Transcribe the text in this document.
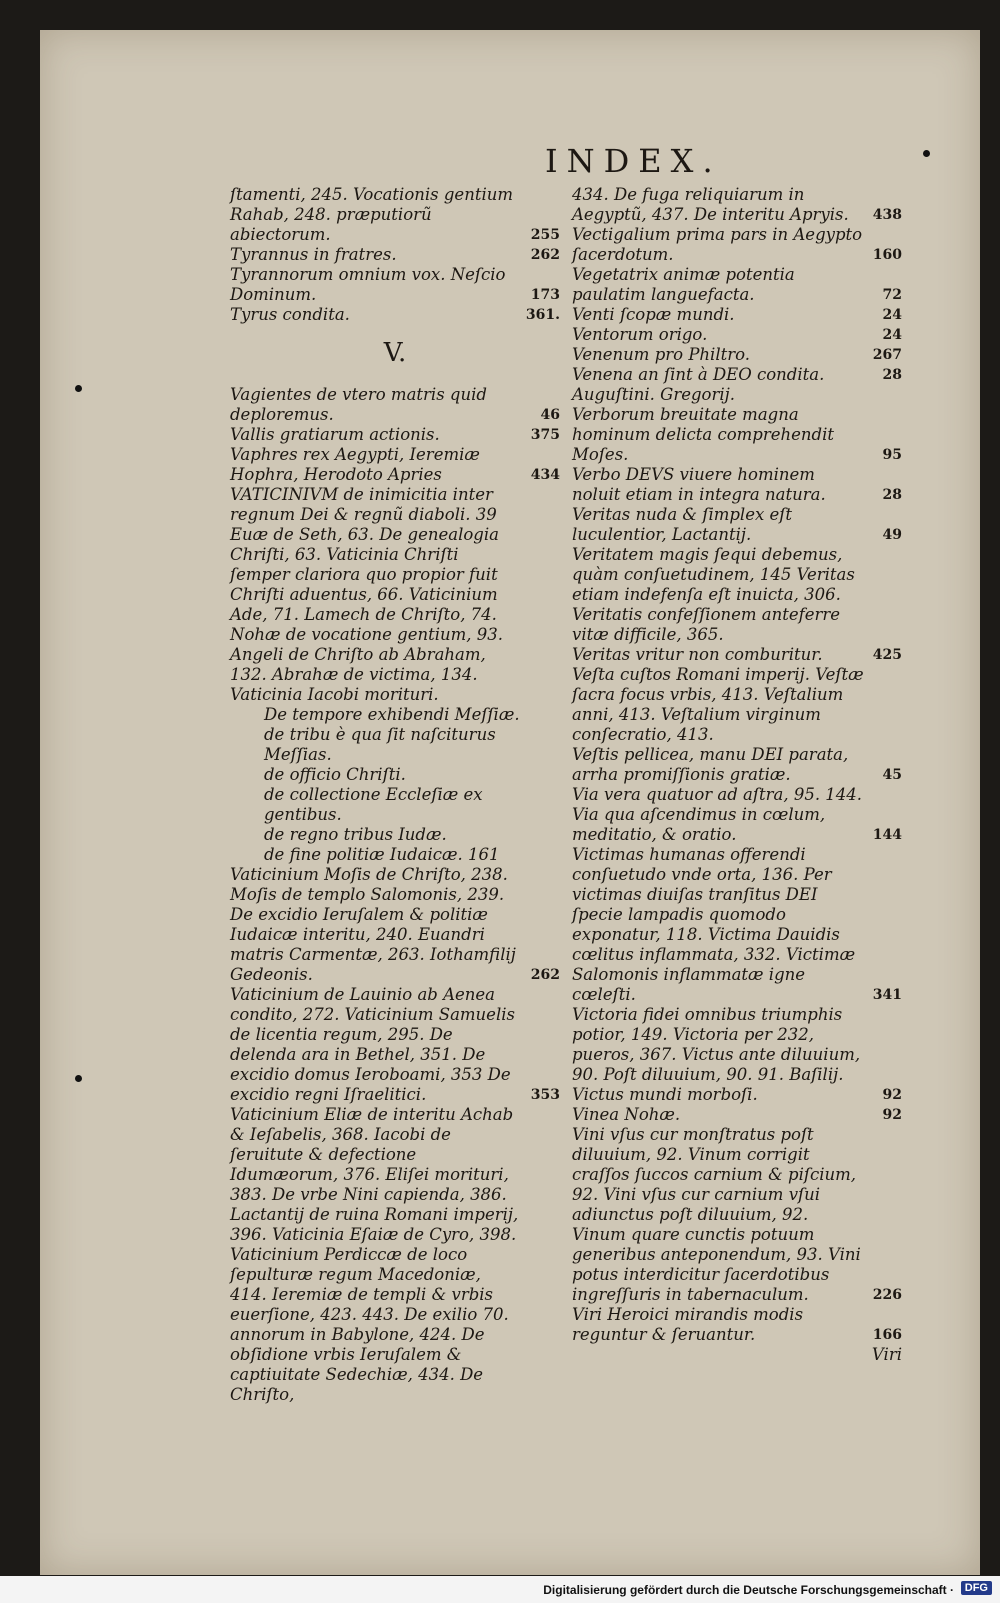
INDEX.
ſtamenti, 245. Vocationis gentium Rahab, 248. præputiorũ abiectorum.	255
Tyrannus in fratres.	262
Tyrannorum omnium vox. Neſcio Dominum.	173
Tyrus condita.	361.
V.
Vagientes de vtero matris quid deploremus.	46
Vallis gratiarum actionis.	375
Vaphres rex Aegypti, Ieremiæ Hophra, Herodoto Apries	434
VATICINIVM de inimicitia inter regnum Dei & regnũ diaboli. 39 Euæ de Seth, 63. De genealogia Chriſti, 63. Vaticinia Chriſti ſemper clariora quo propior fuit Chriſti aduentus, 66. Vaticinium Ade, 71. Lamech de Chriſto, 74. Nohæ de vocatione gentium, 93. Angeli de Chriſto ab Abraham, 132. Abrahæ de victima, 134. Vaticinia Iacobi morituri.
De tempore exhibendi Meſſiæ.
de tribu è qua ſit naſciturus Meſſias.
de officio Chriſti.
de collectione Eccleſiæ ex gentibus.
de regno tribus Iudæ.
de fine politiæ Iudaicæ. 161
Vaticinium Moſis de Chriſto, 238. Moſis de templo Salomonis, 239. De excidio Ieruſalem & politiæ Iudaicæ interitu, 240. Euandri matris Carmentæ, 263. Iothamfilij Gedeonis.	262
Vaticinium de Lauinio ab Aenea condito, 272. Vaticinium Samuelis de licentia regum, 295. De delenda ara in Bethel, 351. De excidio domus Ieroboami, 353 De excidio regni Iſraelitici.	353
Vaticinium Eliæ de interitu Achab & Ieſabelis, 368. Iacobi de ſeruitute & defectione Idumæorum, 376. Eliſei morituri, 383. De vrbe Nini capienda, 386. Lactantij de ruina Romani imperij, 396. Vaticinia Eſaiæ de Cyro, 398. Vaticinium Perdiccæ de loco ſepulturæ regum Macedoniæ, 414. Ieremiæ de templi & vrbis euerſione, 423. 443. De exilio 70. annorum in Babylone, 424. De obſidione vrbis Ieruſalem & captiuitate Sedechiæ, 434. De Chriſto,
434. De fuga reliquiarum in Aegyptũ, 437. De interitu Apryis. 438
Vectigalium prima pars in Aegypto ſacerdotum.	160
Vegetatrix animæ potentia paulatim languefacta.	72
Venti ſcopæ mundi.	24
Ventorum origo.	24
Venenum pro Philtro.	267
Venena an ſint à DEO condita.	28
Auguſtini. Gregorij.
Verborum breuitate magna hominum delicta comprehendit Moſes.	95
Verbo DEVS viuere hominem noluit etiam in integra natura.	28
Veritas nuda & ſimplex eſt luculentior, Lactantij.	49
Veritatem magis ſequi debemus, quàm conſuetudinem, 145 Veritas etiam indefenſa eſt inuicta, 306. Veritatis confeſſionem anteferre vitæ difficile, 365.
Veritas vritur non comburitur.	425
Veſta cuſtos Romani imperij. Veſtæ ſacra focus vrbis, 413. Veſtalium anni, 413. Veſtalium virginum conſecratio, 413.
Veſtis pellicea, manu DEI parata, arrha promiſſionis gratiæ.	45
Via vera quatuor ad aſtra, 95. 144. Via qua aſcendimus in cœlum, meditatio, & oratio.	144
Victimas humanas offerendi conſuetudo vnde orta, 136. Per victimas diuiſas tranſitus DEI ſpecie lampadis quomodo exponatur, 118. Victima Dauidis cœlitus inflammata, 332. Victimæ Salomonis inflammatæ igne cœleſti.	341
Victoria fidei omnibus triumphis potior, 149. Victoria per 232, pueros, 367. Victus ante diluuium, 90. Poſt diluuium, 90. 91. Baſilij. Victus mundi morboſi.	92
Vinea Nohæ.	92
Vini vſus cur monſtratus poſt diluuium, 92. Vinum corrigit craſſos ſuccos carnium & piſcium, 92. Vini vſus cur carnium vſui adiunctus poſt diluuium, 92. Vinum quare cunctis potuum generibus anteponendum, 93. Vini potus interdicitur ſacerdotibus ingreſſuris in tabernaculum.	226
Viri Heroici mirandis modis reguntur & ſeruantur.	166
Viri
Digitalisierung gefördert durch die Deutsche Forschungsgemeinschaft · DFG
